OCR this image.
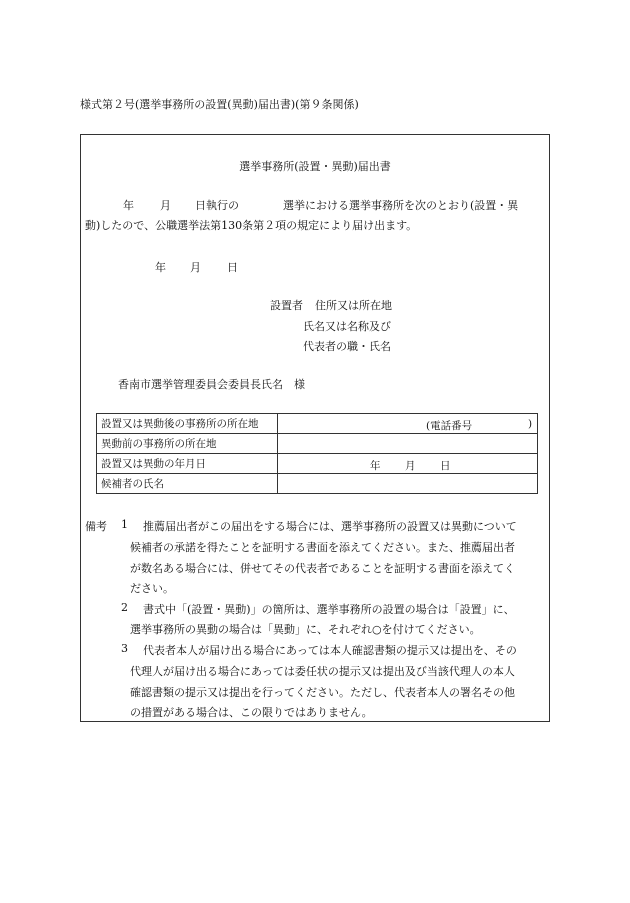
様式第２号(選挙事務所の設置(異動)届出書)(第９条関係)
選挙事務所(設置・異動)届出書
年 月 日執行の	選挙における選挙事務所を次のとおり(設置・異
動)したので、公職選挙法第130条第２項の規定により届け出ます。
年 月 日
設置者 住所又は所在地
氏名又は名称及び
代表者の職・氏名
香南市選挙管理委員会委員長氏名　様
設置又は異動後の事務所の所在地	(電話番号 )

異動前の事務所の所在地	
設置又は異動の年月日	年 月 日

候補者の氏名	
備考 1 推薦届出者がこの届出をする場合には、選挙事務所の設置又は異動について
候補者の承諾を得たことを証明する書面を添えてください。また、推薦届出者
が数名ある場合には、併せてその代表者であることを証明する書面を添えてく
ださい。
2 書式中「(設置・異動)」の箇所は、選挙事務所の設置の場合は「設置」に、
選挙事務所の異動の場合は「異動」に、それぞれ○を付けてください。
3 代表者本人が届け出る場合にあっては本人確認書類の提示又は提出を、その
代理人が届け出る場合にあっては委任状の提示又は提出及び当該代理人の本人
確認書類の提示又は提出を行ってください。ただし、代表者本人の署名その他
の措置がある場合は、この限りではありません。
